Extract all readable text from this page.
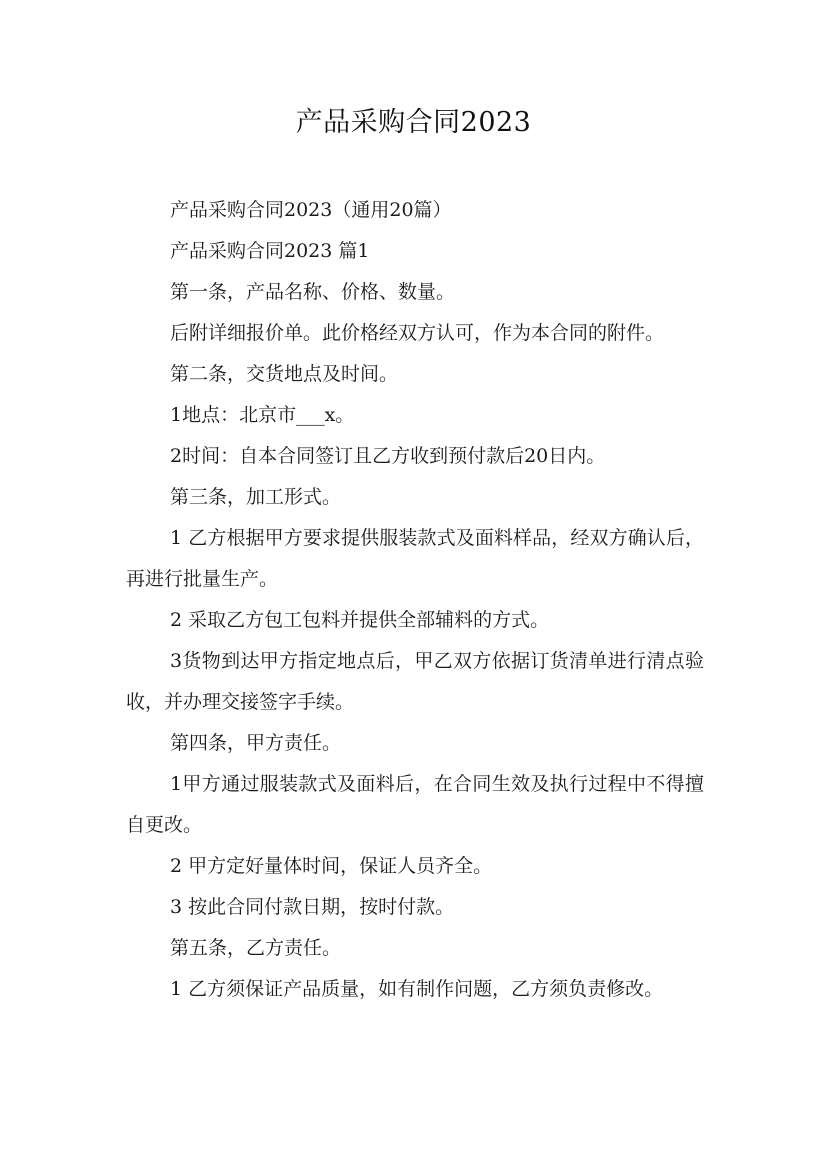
产品采购合同2023

产品采购合同2023（通用20篇）

产品采购合同2023 篇1

第一条，产品名称、价格、数量。

后附详细报价单。此价格经双方认可，作为本合同的附件。

第二条，交货地点及时间。

1地点：北京市___x。

2时间：自本合同签订且乙方收到预付款后20日内。

第三条，加工形式。

1 乙方根据甲方要求提供服装款式及面料样品，经双方确认后，再进行批量生产。

2 采取乙方包工包料并提供全部辅料的方式。

3货物到达甲方指定地点后，甲乙双方依据订货清单进行清点验收，并办理交接签字手续。

第四条，甲方责任。

1甲方通过服装款式及面料后，在合同生效及执行过程中不得擅自更改。

2 甲方定好量体时间，保证人员齐全。

3 按此合同付款日期，按时付款。

第五条，乙方责任。

1 乙方须保证产品质量，如有制作问题，乙方须负责修改。
